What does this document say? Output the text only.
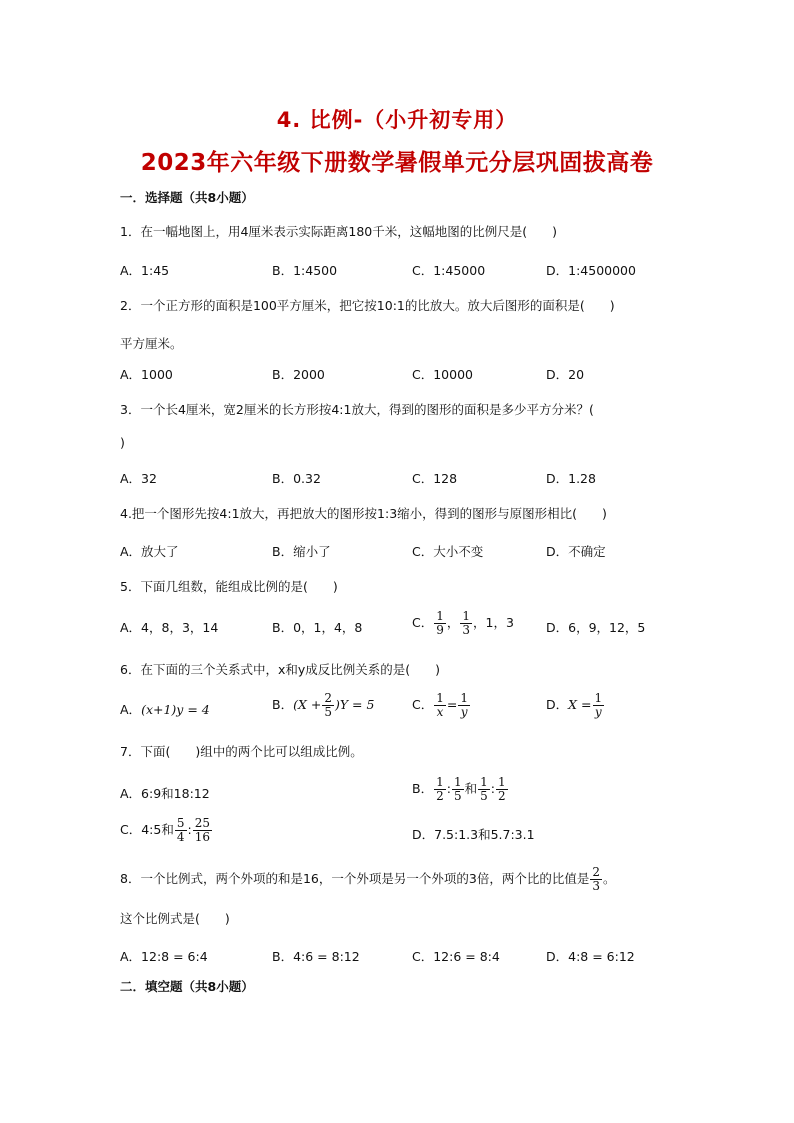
4. 比例-（小升初专用）
2023年六年级下册数学暑假单元分层巩固拔高卷
一．选择题（共8小题）
1．在一幅地图上，用4厘米表示实际距离180千米，这幅地图的比例尺是(　　)
A．1:45	B．1:4500	C．1:45000	D．1:4500000
2．一个正方形的面积是100平方厘米，把它按10:1的比放大。放大后图形的面积是(　　)
平方厘米。
A．1000	B．2000	C．10000	D．20
3．一个长4厘米，宽2厘米的长方形按4:1放大，得到的图形的面积是多少平方分米？(
)
A．32	B．0.32	C．128	D．1.28
4.把一个图形先按4:1放大，再把放大的图形按1:3缩小，得到的图形与原图形相比(　　)
A．放大了	B．缩小了	C．大小不变	D．不确定
5．下面几组数，能组成比例的是(　　)
A．4，8，3，14	B．0，1，4，8	C． $\frac{1}{9}$ ， $\frac{1}{3}$ ，1，3	D．6，9，12，5
6．在下面的三个关系式中，x和y成反比例关系的是(　　)
A．(x+1)y = 4	B．$(X + \frac{2}{5} )Y = 5$	C． $\frac{1}{x} = \frac{1}{y}$	D．$X = \frac{1}{y}$
7．下面(　　)组中的两个比可以组成比例。
A．6:9和18:12	B． $\frac{1}{2}$ : $\frac{1}{5}$ 和 $\frac{1}{5}$ : $\frac{1}{2}$
C．4:5和 $\frac{5}{4}$ : $\frac{25}{16}$	D．7.5:1.3和5.7:3.1
8．一个比例式，两个外项的和是16，一个外项是另一个外项的3倍，两个比的比值是 $\frac{2}{3}$ 。
这个比例式是(　　)
A．12:8 = 6:4	B．4:6 = 8:12	C．12:6 = 8:4	D．4:8 = 6:12
二．填空题（共8小题）
